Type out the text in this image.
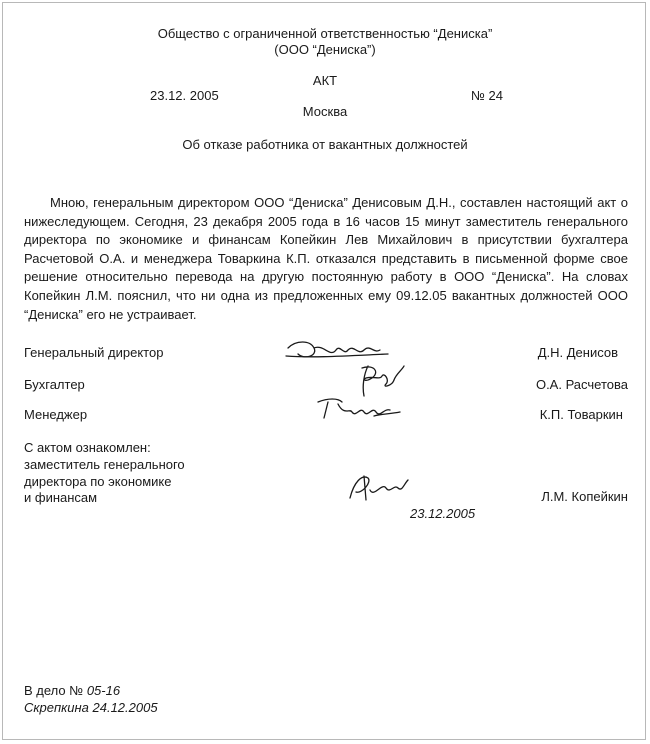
Общество с ограниченной ответственностью “Дениска”
(ООО “Дениска”)
АКТ
23.12. 2005	№ 24
Москва
Об отказе работника от вакантных должностей
Мною, генеральным директором ООО “Дениска” Денисовым Д.Н., составлен настоящий акт о нижеследующем. Сегодня, 23 декабря 2005 года в 16 часов 15 минут заместитель генерального директора по экономике и финансам Копейкин Лев Михайлович в присутствии бухгалтера Расчетовой О.А. и менеджера Товаркина К.П. отказался представить в письменной форме свое решение относительно перевода на другую постоянную работу в ООО “Дениска”. На словах Копейкин Л.М. пояснил, что ни одна из предложенных ему 09.12.05 вакантных должностей ООО “Дениска” его не устраивает.
Генеральный директор	Д.Н. Денисов
Бухгалтер	О.А. Расчетова
Менеджер	К.П. Товаркин
С актом ознакомлен:
заместитель генерального
директора по экономике
и финансам	Л.М. Копейкин
23.12.2005
В дело № 05-16
Скрепкина 24.12.2005
